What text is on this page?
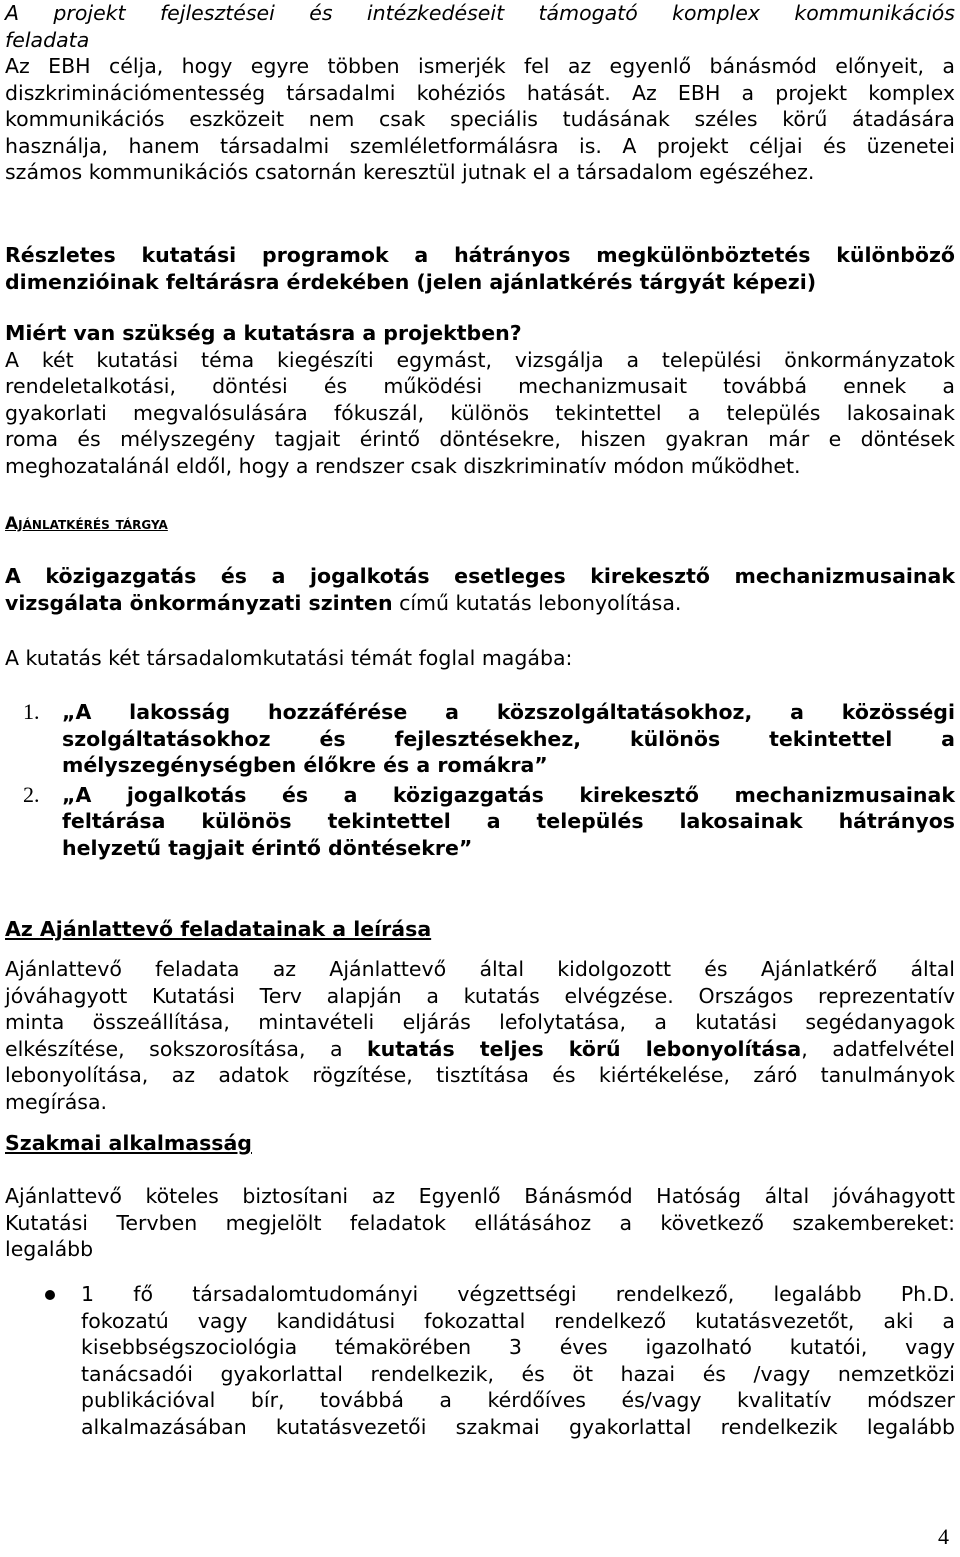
A projekt fejlesztései és intézkedéseit támogató komplex kommunikációs
feladata
Az EBH célja, hogy egyre többen ismerjék fel az egyenlő bánásmód előnyeit, a
diszkriminációmentesség társadalmi kohéziós hatását. Az EBH a projekt komplex
kommunikációs eszközeit nem csak speciális tudásának széles körű átadására
használja, hanem társadalmi szemléletformálásra is. A projekt céljai és üzenetei
számos kommunikációs csatornán keresztül jutnak el a társadalom egészéhez.
Részletes kutatási programok a hátrányos megkülönböztetés különböző
dimenzióinak feltárásra érdekében (jelen ajánlatkérés tárgyát képezi)
Miért van szükség a kutatásra a projektben?
A két kutatási téma kiegészíti egymást, vizsgálja a települési önkormányzatok
rendeletalkotási, döntési és működési mechanizmusait továbbá ennek a
gyakorlati megvalósulására fókuszál, különös tekintettel a település lakosainak
roma és mélyszegény tagjait érintő döntésekre, hiszen gyakran már e döntések
meghozatalánál eldől, hogy a rendszer csak diszkriminatív módon működhet.
Ajánlatkérés tárgya
A közigazgatás és a jogalkotás esetleges kirekesztő mechanizmusainak
vizsgálata önkormányzati szinten című kutatás lebonyolítása.
A kutatás két társadalomkutatási témát foglal magába:
1. „A lakosság hozzáférése a közszolgáltatásokhoz, a közösségi
szolgáltatásokhoz és fejlesztésekhez, különös tekintettel a
mélyszegénységben élőkre és a romákra”
2. „A jogalkotás és a közigazgatás kirekesztő mechanizmusainak
feltárása különös tekintettel a település lakosainak hátrányos
helyzetű tagjait érintő döntésekre”
Az Ajánlattevő feladatainak a leírása
Ajánlattevő feladata az Ajánlattevő által kidolgozott és Ajánlatkérő által
jóváhagyott Kutatási Terv alapján a kutatás elvégzése. Országos reprezentatív
minta összeállítása, mintavételi eljárás lefolytatása, a kutatási segédanyagok
elkészítése, sokszorosítása, a kutatás teljes körű lebonyolítása, adatfelvétel
lebonyolítása, az adatok rögzítése, tisztítása és kiértékelése, záró tanulmányok
megírása.
Szakmai alkalmasság
Ajánlattevő köteles biztosítani az Egyenlő Bánásmód Hatóság által jóváhagyott
Kutatási Tervben megjelölt feladatok ellátásához a következő szakembereket:
legalább
1 fő társadalomtudományi végzettségi rendelkező, legalább Ph.D.
fokozatú vagy kandidátusi fokozattal rendelkező kutatásvezetőt, aki a
kisebbségszociológia témakörében 3 éves igazolható kutatói, vagy
tanácsadói gyakorlattal rendelkezik, és öt hazai és /vagy nemzetközi
publikációval bír, továbbá a kérdőíves és/vagy kvalitatív módszer
alkalmazásában kutatásvezetői szakmai gyakorlattal rendelkezik legalább
4
